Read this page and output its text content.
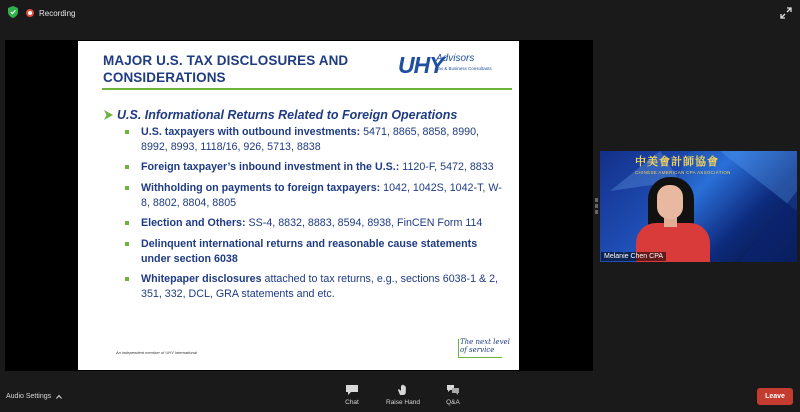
Recording
MAJOR U.S. TAX DISCLOSURES AND
CONSIDERATIONS	UHY
Advisors
Tax & Business Consultants
U.S. Informational Returns Related to Foreign Operations
U.S. taxpayers with outbound investments: 5471, 8865, 8858, 8990, 8992, 8993, 1118/16, 926, 5713, 8838
Foreign taxpayer’s inbound investment in the U.S.: 1120-F, 5472, 8833
Withholding on payments to foreign taxpayers: 1042, 1042S, 1042-T, W-8, 8802, 8804, 8805
Election and Others: SS-4, 8832, 8883, 8594, 8938, FinCEN Form 114
Delinquent international returns and reasonable cause statements under section 6038
Whitepaper disclosures attached to tax returns, e.g., sections 6038-1 & 2, 351, 332, DCL, GRA statements and etc.
An independent member of UHY International
The next level
of service
中美會計師協會
CHINESE AMERICAN CPA ASSOCIATION
Melanie Chen CPA
Audio Settings
Chat	Raise Hand	Q&A
Leave
